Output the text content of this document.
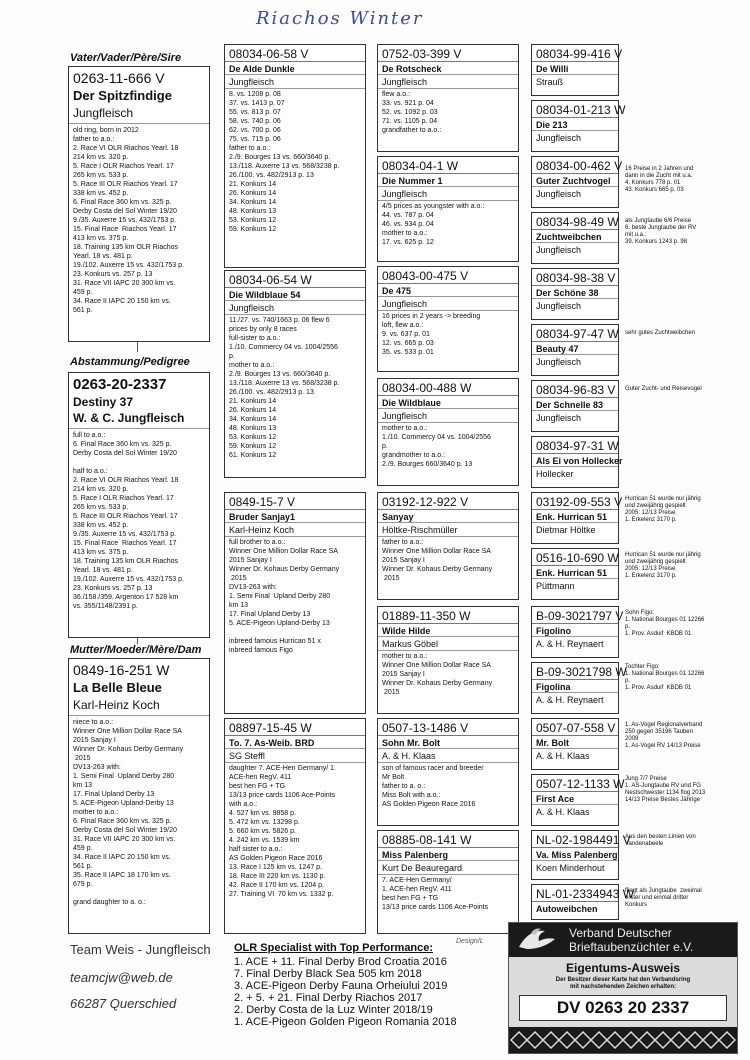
Riachos Winter
Vater/Vader/Père/Sire
0263-11-666 V
Der Spitzfindige
Jungfleisch
old ring, born in 2012
father to a.o.:
2. Race VI OLR Riachos Yearl. 18
214 km vs. 320 p.
5. Race I OLR Riachos Yearl. 17
265 km vs. 533 p.
5. Race III OLR Riachos Yearl. 17
338 km vs. 452 p.
6. Final Race 360 km vs. 325 p.
Derby Costa del Sol Winter 19/20
9./35. Auxerre 15 vs. 432/1753 p.
15. Final Race  Riachos Yearl. 17
413 km vs. 375 p.
18. Training 135 km OLR Riachos
Yearl. 18 vs. 481 p.
19./102. Auxerre 15 vs. 432/1753 p.
23. Konkurs vs. 257 p. 13
31. Race VII IAPC 20 300 km vs.
459 p.
34. Race II IAPC 20 150 km vs.
561 p.
Abstammung/Pedigree
0263-20-2337
Destiny 37
W. & C. Jungfleisch
full to a.o.:
6. Final Race 360 km vs. 325 p.
Derby Costa del Sol Winter 19/20

half to a.o.:
2. Race VI OLR Riachos Yearl. 18
214 km vs. 320 p.
5. Race I OLR Riachos Yearl. 17
265 km vs. 533 p.
5. Race III OLR Riachos Yearl. 17
338 km vs. 452 p.
9./35. Auxerre 15 vs. 432/1753 p.
15. Final Race  Riachos Yearl. 17
413 km vs. 375 p.
18. Training 135 km OLR Riachos
Yearl. 18 vs. 481 p.
19./102. Auxerre 15 vs. 432/1753 p.
23. Konkurs vs. 257 p. 13
36./158./359. Argenton 17 528 km
vs. 355/1148/2391 p.
Mutter/Moeder/Mère/Dam
0849-16-251 W
La Belle Bleue
Karl-Heinz Koch
niece to a.o.:
Winner One Million Dollar Race SA
2015 Sanjay I
Winner Dr. Kohaus Derby Germany
2015
DV13-263 with:
1. Semi Final  Upland Derby 280
km 13
17. Final Upland Derby 13
5. ACE-Pigeon Upland-Derby 13
mother to a.o.:
6. Final Race 360 km vs. 325 p.
Derby Costa del Sol Winter 19/20
31. Race VII IAPC 20 300 km vs.
459 p.
34. Race II IAPC 20 150 km vs.
561 p.
35. Race II IAPC 18 170 km vs.
679 p.

grand daughter to a. o.:
08034-06-58 V
De Alde Dunkle
Jungfleisch
8. vs. 1208 p. 08
37. vs. 1413 p. 07
55. vs. 813 p. 07
58. vs. 740 p. 06
62. vs. 700 p. 06
75. vs. 715 p. 06
father to a.o.:
2./9. Bourges 13 vs. 660/3640 p.
13./118. Auxerre 13 vs. 568/3238 p.
26./100. vs. 482/2913 p. 13
21. Konkurs 14
26. Konkurs 14
34. Konkurs 14
48. Konkurs 13
53. Konkurs 12
59. Konkurs 12
08034-06-54 W
Die Wildblaue 54
Jungfleisch
11./27. vs. 740/1663 p. 06 flew 6
prices by only 8 races
full-sister to a.o.:
1./10. Commercy 04 vs. 1004/2556
p.
mother to a.o.:
2./9. Bourges 13 vs. 660/3640 p.
13./118. Auxerre 13 vs. 568/3238 p.
26./100. vs. 482/2913 p. 13
21. Konkurs 14
26. Konkurs 14
34. Konkurs 14
48. Konkurs 13
53. Konkurs 12
59. Konkurs 12
61. Konkurs 12
0849-15-7 V
Bruder Sanjay1
Karl-Heinz Koch
full brother to a.o.:
Winner One Million Dollar Race SA
2015 Sanjay I
Winner Dr. Kohaus Derby Germany
2015
DV13-263 with:
1. Semi Final  Upland Derby 280
km 13
17. Final Upland Derby 13
5. ACE-Pigeon Upland-Derby 13

inbreed famous Hurrican 51 x
inbreed famous Figo
08897-15-45 W
To. 7. As-Weib. BRD
SG Steffl
daughter 7. ACE-Hen Germany/ 1.
ACE-hen RegV. 411
best hen FG + TG
13/13 price cards 1106 Ace-Points
with a.o.:
4. 527 km vs. 9858 p.
5. 472 km vs. 13298 p.
5. 660 km vs. 5826 p.
4. 242 km vs. 1539 km
half sister to a.o.:
AS Golden Pigeon Race 2016
13. Race I 125 km vs. 1247 p.
18. Race III 220 km vs. 1130 p.
42. Race II 170 km vs. 1204 p.
27. Training VI  70 km vs. 1332 p.
0752-03-399 V
De Rotscheck
Jungfleisch
flew a.o.:
33. vs. 921 p. 04
52. vs. 1092 p. 03
71. vs. 1105 p. 04
grandfather to a.o.:
08034-04-1 W
Die Nummer 1
Jungfleisch
4/5 prices as youngster with a.o.:
44. vs. 787 p. 04
46. vs. 934 p. 04
mother to a.o.:
17. vs. 625 p. 12
08043-00-475 V
De 475
Jungfleisch
16 prices in 2 years -> breeding
loft, flew a.o.:
9. vs. 637 p. 01
12. vs. 665 p. 03
35. vs. 533 p. 01
08034-00-488 W
Die Wildblaue
Jungfleisch
mother to a.o.:
1./10. Commercy 04 vs. 1004/2556
p.
grandmother to a.o.:
2./9. Bourges 660/3640 p. 13
03192-12-922 V
Sanyay
Höltke-Rischmüller
father to a.o.:
Winner One Million Dollar Race SA
2015 Sanjay I
Winner Dr. Kohaus Derby Germany
2015
01889-11-350 W
Wilde Hilde
Markus Göbel
mother to a.o.:
Winner One Million Dollar Race SA
2015 Sanjay I
Winner Dr. Kohaus Derby Germany
2015
0507-13-1486 V
Sohn Mr. Bolt
A. & H. Klaas
son of famous racer and breeder
Mr Bolt
father to a. o.:
Miss Bolt with a.o.:
AS Golden Pigeon Race 2016
08885-08-141 W
Miss Palenberg
Kurt De Beauregard
7. ACE-Hen Germany/
1. ACE-hen RegV. 411
best hen FG + TG
13/13 price cards 1106 Ace-Points
08034-99-416 V
De Willi
Strauß
08034-01-213 W
Die 213
Jungfleisch
08034-00-462 V
Guter Zuchtvogel
Jungfleisch
16 Preise in 2 Jahren und
dann in die Zucht mit u.a.
4. Konkurs 778 p. 01
43. Konkurs 665 p. 03
08034-98-49 W
Zuchtweibchen
Jungfleisch
als Jungtaube 6/6 Preise
6. beste Jungtaube der RV
mit u.a.:
39. Konkurs 1243 p. 98
08034-98-38 V
Der Schöne 38
Jungfleisch
08034-97-47 W
Beauty 47
Jungfleisch
sehr gutes Zuchtweibchen
08034-96-83 V
Der Schnelle 83
Jungfleisch
Guter Zucht- und Reisevogel
08034-97-31 W
Als Ei von Hollecker
Hollecker
03192-09-553 V
Enk. Hurrican 51
Dietmar Höltke
Hurrican 51 wurde nur jährig
und zweijährig gespielt
2005: 12/13 Preise
1. Erkelenz 3170 p.
0516-10-690 W
Enk. Hurrican 51
Püttmann
Hurrican 51 wurde nur jährig
und zweijährig gespielt
2005: 12/13 Preise
1. Erkelenz 3170 p.
B-09-3021797 V
Figolino
A. & H. Reynaert
Sohn Figo:
1. National Bourges 01 12266
p.
1. Prov. Asduif  KBDB 01
B-09-3021798 W
Figolina
A. & H. Reynaert
Tochter Figo:
1. National Bourges 01 12266
p.
1. Prov. Asduif  KBDB 01
0507-07-558 V
Mr. Bolt
A. & H. Klaas
1. As-Vogel Regionalverband
250 gegen 35196 Tauben
2009
1. As-Vogel RV 14/13 Preise
0507-12-1133 W
First Ace
A. & H. Klaas
Jung 7/7 Preise
1. AS-Jungtaube RV und FG
Nestschwester 1134 flog 2013
14/13 Preise Bestes Jährige
NL-02-1984491 V
Va. Miss Palenberg
Koen Minderhout
Aus den besten Linien von
Vandenabeele
NL-01-2334943 W
Autoweibchen
fliegt als Jungtaube  zweimal
erster und einmal dritter
Konkurs
Team Weis - Jungfleisch
teamcjw@web.de
66287 Querschied
Design/L
OLR Specialist with Top Performance:
1. ACE + 11. Final Derby Brod Croatia 2016
7. Final Derby Black Sea 505 km 2018
3. ACE-Pigeon Derby Fauna Orheiului 2019
2. + 5. + 21. Final Derby Riachos 2017
2. Derby Costa de la Luz Winter 2018/19
1. ACE-Pigeon Golden Pigeon Romania 2018
Verband Deutscher
Brieftaubenzüchter e.V.
Eigentums-Ausweis
Der Besitzer dieser Karte hat den Verbandsring
mit nachstehenden Zeichen erhalten:
DV 0263 20 2337
